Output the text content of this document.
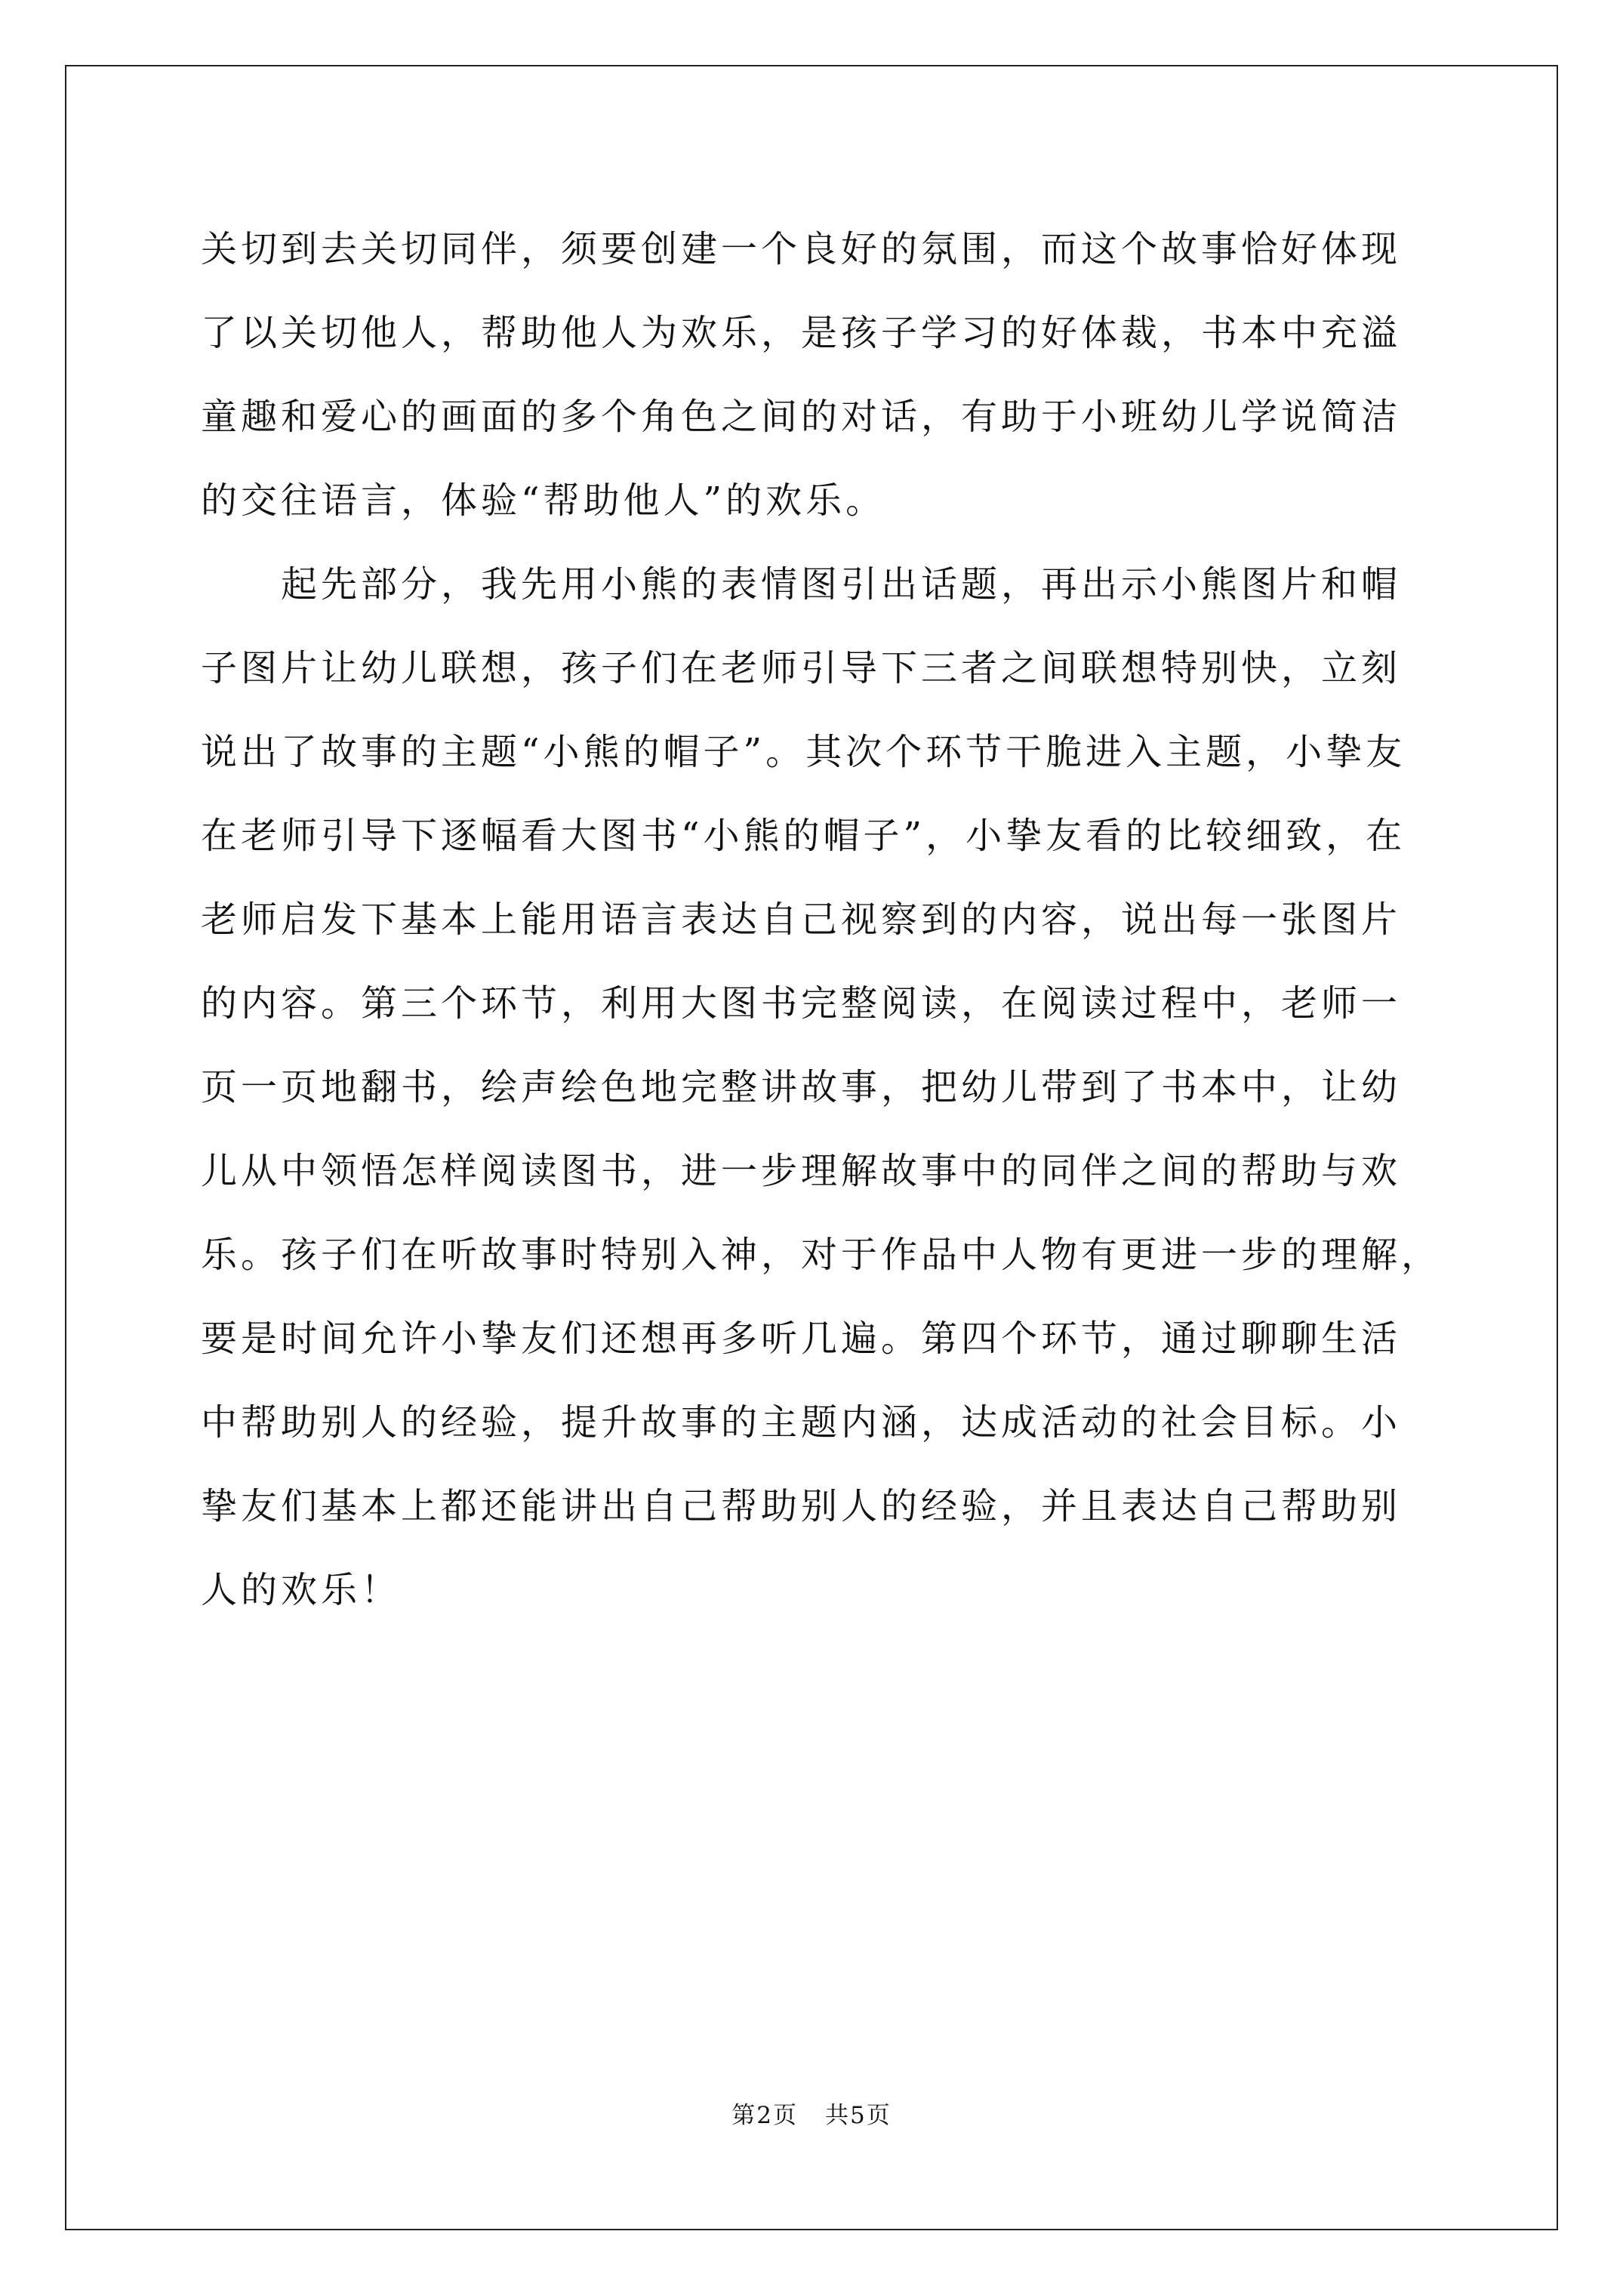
关切到去关切同伴，须要创建一个良好的氛围，而这个故事恰好体现
了以关切他人，帮助他人为欢乐，是孩子学习的好体裁，书本中充溢
童趣和爱心的画面的多个角色之间的对话，有助于小班幼儿学说简洁
的交往语言，体验“帮助他人”的欢乐。
　　起先部分，我先用小熊的表情图引出话题，再出示小熊图片和帽
子图片让幼儿联想，孩子们在老师引导下三者之间联想特别快，立刻
说出了故事的主题“小熊的帽子”。其次个环节干脆进入主题，小挚友
在老师引导下逐幅看大图书“小熊的帽子”，小挚友看的比较细致，在
老师启发下基本上能用语言表达自己视察到的内容，说出每一张图片
的内容。第三个环节，利用大图书完整阅读，在阅读过程中，老师一
页一页地翻书，绘声绘色地完整讲故事，把幼儿带到了书本中，让幼
儿从中领悟怎样阅读图书，进一步理解故事中的同伴之间的帮助与欢
乐。孩子们在听故事时特别入神，对于作品中人物有更进一步的理解，
要是时间允许小挚友们还想再多听几遍。第四个环节，通过聊聊生活
中帮助别人的经验，提升故事的主题内涵，达成活动的社会目标。小
挚友们基本上都还能讲出自己帮助别人的经验，并且表达自己帮助别
人的欢乐！
第2页 共5页
